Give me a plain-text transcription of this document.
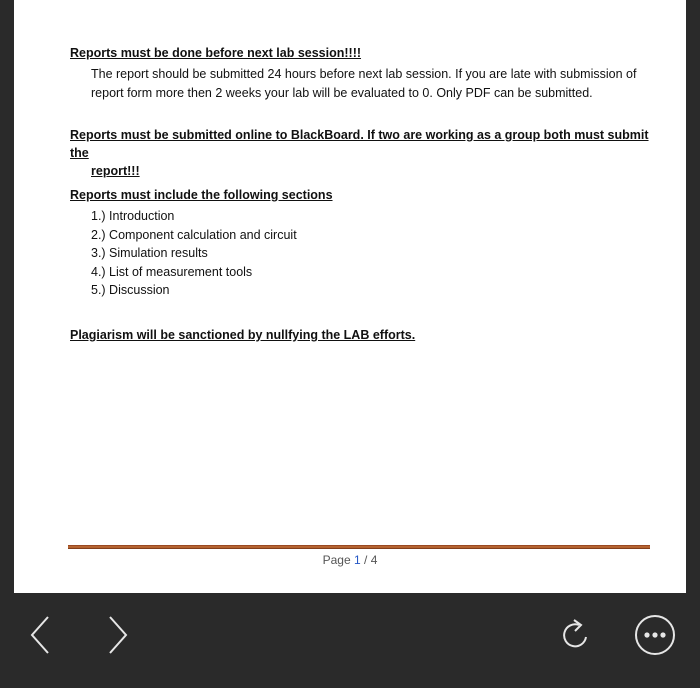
Reports must be done before next lab session!!!!

The report should be submitted 24 hours before next lab session. If you are late with submission of report form more then 2 weeks your lab will be evaluated to 0. Only PDF can be submitted.

Reports must be submitted online to BlackBoard. If two are working as a group both must submit the
report!!!

Reports must include the following sections

1.) Introduction
2.) Component calculation and circuit
3.) Simulation results
4.) List of measurement tools
5.) Discussion

Plagiarism will be sanctioned by nullfying the LAB efforts.

Page 1 / 4
